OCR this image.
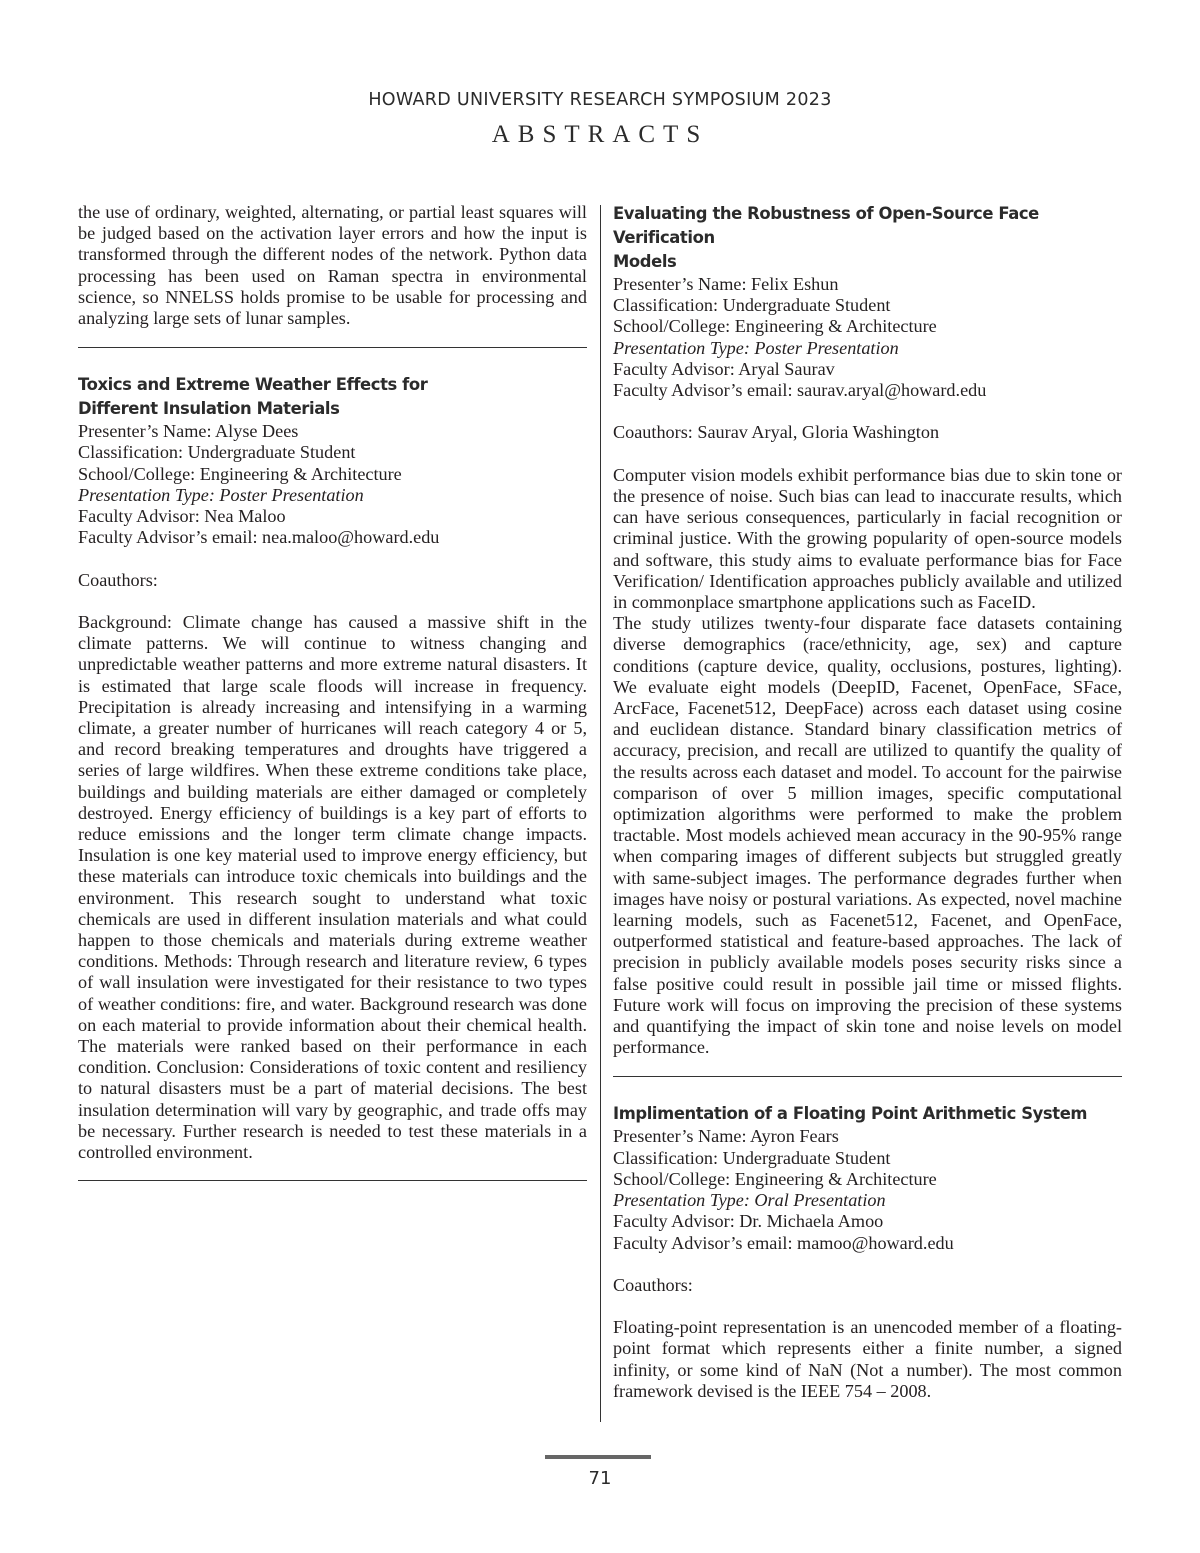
HOWARD UNIVERSITY RESEARCH SYMPOSIUM 2023
ABSTRACTS

the use of ordinary, weighted, alternating, or partial least squares will be judged based on the activation layer errors and how the input is transformed through the different nodes of the network. Python data processing has been used on Raman spectra in environmental science, so NNELSS holds promise to be usable for processing and analyzing large sets of lunar samples.

Toxics and Extreme Weather Effects for
Different Insulation Materials
Presenter’s Name: Alyse Dees
Classification: Undergraduate Student
School/College: Engineering & Architecture
Presentation Type: Poster Presentation
Faculty Advisor: Nea Maloo
Faculty Advisor’s email: nea.maloo@howard.edu
Coauthors:

Background: Climate change has caused a massive shift in the climate patterns. We will continue to witness changing and unpredictable weather patterns and more extreme natural disasters. It is estimated that large scale floods will increase in frequency. Precipitation is already increasing and intensifying in a warming climate, a greater number of hurricanes will reach category 4 or 5, and record breaking temperatures and droughts have triggered a series of large wildfires. When these extreme conditions take place, buildings and building materials are either damaged or completely destroyed. Energy efficiency of buildings is a key part of efforts to reduce emissions and the longer term climate change impacts. Insulation is one key material used to improve energy efficiency, but these materials can introduce toxic chemicals into buildings and the environment. This research sought to understand what toxic chemicals are used in different insulation materials and what could happen to those chemicals and materials during extreme weather conditions. Methods: Through research and literature review, 6 types of wall insulation were investigated for their resistance to two types of weather conditions: fire, and water. Background research was done on each material to provide information about their chemical health. The materials were ranked based on their performance in each condition. Conclusion: Considerations of toxic content and resiliency to natural disasters must be a part of material decisions. The best insulation determination will vary by geographic, and trade offs may be necessary. Further research is needed to test these materials in a controlled environment.

Evaluating the Robustness of Open-Source Face Verification
Models
Presenter’s Name: Felix Eshun
Classification: Undergraduate Student
School/College: Engineering & Architecture
Presentation Type: Poster Presentation
Faculty Advisor: Aryal Saurav
Faculty Advisor’s email: saurav.aryal@howard.edu
Coauthors: Saurav Aryal, Gloria Washington

Computer vision models exhibit performance bias due to skin tone or the presence of noise. Such bias can lead to inaccurate results, which can have serious consequences, particularly in facial recognition or criminal justice. With the growing popularity of open-source models and software, this study aims to evaluate performance bias for Face Verification/ Identification approaches publicly available and utilized in commonplace smartphone applications such as FaceID.

The study utilizes twenty-four disparate face datasets containing diverse demographics (race/ethnicity, age, sex) and capture conditions (capture device, quality, occlusions, postures, lighting). We evaluate eight models (DeepID, Facenet, OpenFace, SFace, ArcFace, Facenet512, DeepFace) across each dataset using cosine and euclidean distance. Standard binary classification metrics of accuracy, precision, and recall are utilized to quantify the quality of the results across each dataset and model. To account for the pairwise comparison of over 5 million images, specific computational optimization algorithms were performed to make the problem tractable. Most models achieved mean accuracy in the 90-95% range when comparing images of different subjects but struggled greatly with same-subject images. The performance degrades further when images have noisy or postural variations. As expected, novel machine learning models, such as Facenet512, Facenet, and OpenFace, outperformed statistical and feature-based approaches. The lack of precision in publicly available models poses security risks since a false positive could result in possible jail time or missed flights. Future work will focus on improving the precision of these systems and quantifying the impact of skin tone and noise levels on model performance.

Implimentation of a Floating Point Arithmetic System
Presenter’s Name: Ayron Fears
Classification: Undergraduate Student
School/College: Engineering & Architecture
Presentation Type: Oral Presentation
Faculty Advisor: Dr. Michaela Amoo
Faculty Advisor’s email: mamoo@howard.edu
Coauthors:

Floating-point representation is an unencoded member of a floating-point format which represents either a finite number, a signed infinity, or some kind of NaN (Not a number). The most common framework devised is the IEEE 754 – 2008.

71
